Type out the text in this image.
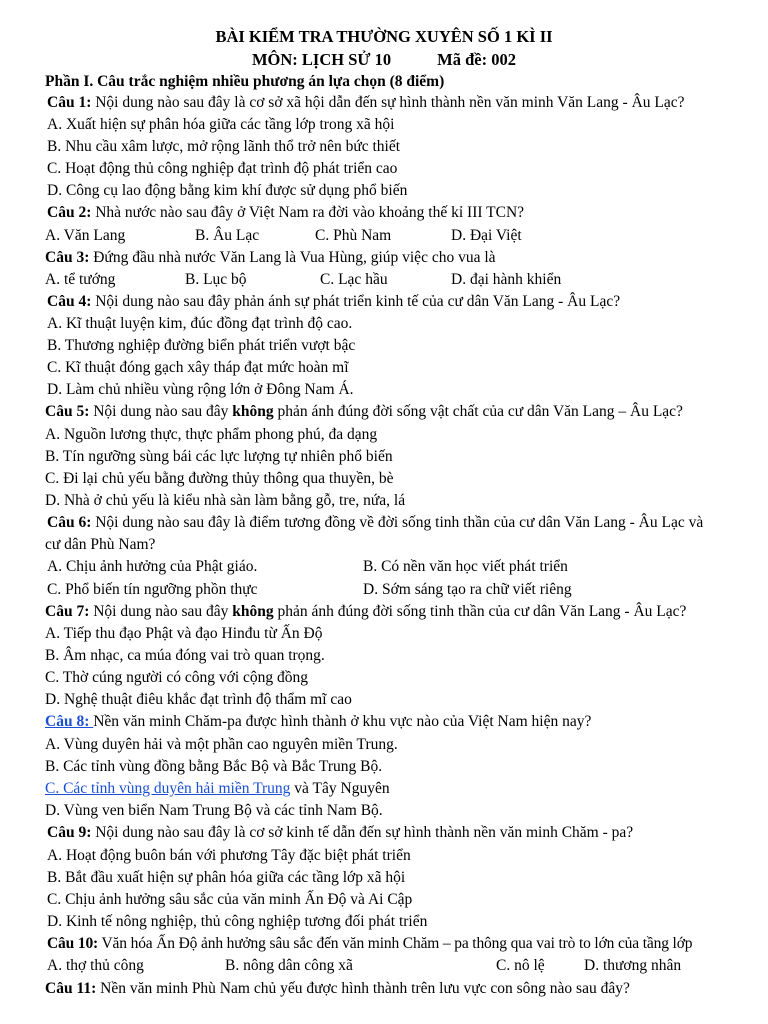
BÀI KIỂM TRA THƯỜNG XUYÊN SỐ 1 KÌ II
MÔN: LỊCH SỬ 10	Mã đề: 002
Phần I. Câu trắc nghiệm nhiều phương án lựa chọn (8 điểm)
Câu 1: Nội dung nào sau đây là cơ sở xã hội dẫn đến sự hình thành nền văn minh Văn Lang - Âu Lạc?
A. Xuất hiện sự phân hóa giữa các tầng lớp trong xã hội
B. Nhu cầu xâm lược, mở rộng lãnh thổ trở nên bức thiết
C. Hoạt động thủ công nghiệp đạt trình độ phát triển cao
D. Công cụ lao động bằng kim khí được sử dụng phổ biến
Câu 2: Nhà nước nào sau đây ở Việt Nam ra đời vào khoảng thế kỉ III TCN?
A. Văn Lang	B. Âu Lạc	C. Phù Nam	D. Đại Việt
Câu 3: Đứng đầu nhà nước Văn Lang là Vua Hùng, giúp việc cho vua là
A. tể tướng	B. Lục bộ	C. Lạc hầu	D. đại hành khiển
Câu 4: Nội dung nào sau đây phản ánh sự phát triển kinh tế của cư dân Văn Lang - Âu Lạc?
A. Kĩ thuật luyện kim, đúc đồng đạt trình độ cao.
B. Thương nghiệp đường biển phát triển vượt bậc
C. Kĩ thuật đóng gạch xây tháp đạt mức hoàn mĩ
D. Làm chủ nhiều vùng rộng lớn ở Đông Nam Á.
Câu 5: Nội dung nào sau đây không phản ánh đúng đời sống vật chất của cư dân Văn Lang – Âu Lạc?
A. Nguồn lương thực, thực phẩm phong phú, đa dạng
B. Tín ngưỡng sùng bái các lực lượng tự nhiên phổ biến
C. Đi lại chủ yếu bằng đường thủy thông qua thuyền, bè
D. Nhà ở chủ yếu là kiểu nhà sàn làm bằng gỗ, tre, nứa, lá
Câu 6: Nội dung nào sau đây là điểm tương đồng về đời sống tinh thần của cư dân Văn Lang - Âu Lạc và
cư dân Phù Nam?
A. Chịu ảnh hưởng của Phật giáo.	B. Có nền văn học viết phát triển
C. Phổ biến tín ngưỡng phồn thực	D. Sớm sáng tạo ra chữ viết riêng
Câu 7: Nội dung nào sau đây không phản ánh đúng đời sống tinh thần của cư dân Văn Lang - Âu Lạc?
A. Tiếp thu đạo Phật và đạo Hinđu từ Ấn Độ
B. Âm nhạc, ca múa đóng vai trò quan trọng.
C. Thờ cúng người có công với cộng đồng
D. Nghệ thuật điêu khắc đạt trình độ thẩm mĩ cao
Câu 8: Nền văn minh Chăm-pa được hình thành ở khu vực nào của Việt Nam hiện nay?
A. Vùng duyên hải và một phần cao nguyên miền Trung.
B. Các tỉnh vùng đồng bằng Bắc Bộ và Bắc Trung Bộ.
C. Các tỉnh vùng duyên hải miền Trung và Tây Nguyên
D. Vùng ven biển Nam Trung Bộ và các tỉnh Nam Bộ.
Câu 9: Nội dung nào sau đây là cơ sở kinh tế dẫn đến sự hình thành nền văn minh Chăm - pa?
A. Hoạt động buôn bán với phương Tây đặc biệt phát triển
B. Bắt đầu xuất hiện sự phân hóa giữa các tầng lớp xã hội
C. Chịu ảnh hưởng sâu sắc của văn minh Ấn Độ và Ai Cập
D. Kinh tế nông nghiệp, thủ công nghiệp tương đối phát triển
Câu 10: Văn hóa Ấn Độ ảnh hưởng sâu sắc đến văn minh Chăm – pa thông qua vai trò to lớn của tầng lớp
A. thợ thủ công	B. nông dân công xã	C. nô lệ	D. thương nhân
Câu 11: Nền văn minh Phù Nam chủ yếu được hình thành trên lưu vực con sông nào sau đây?
